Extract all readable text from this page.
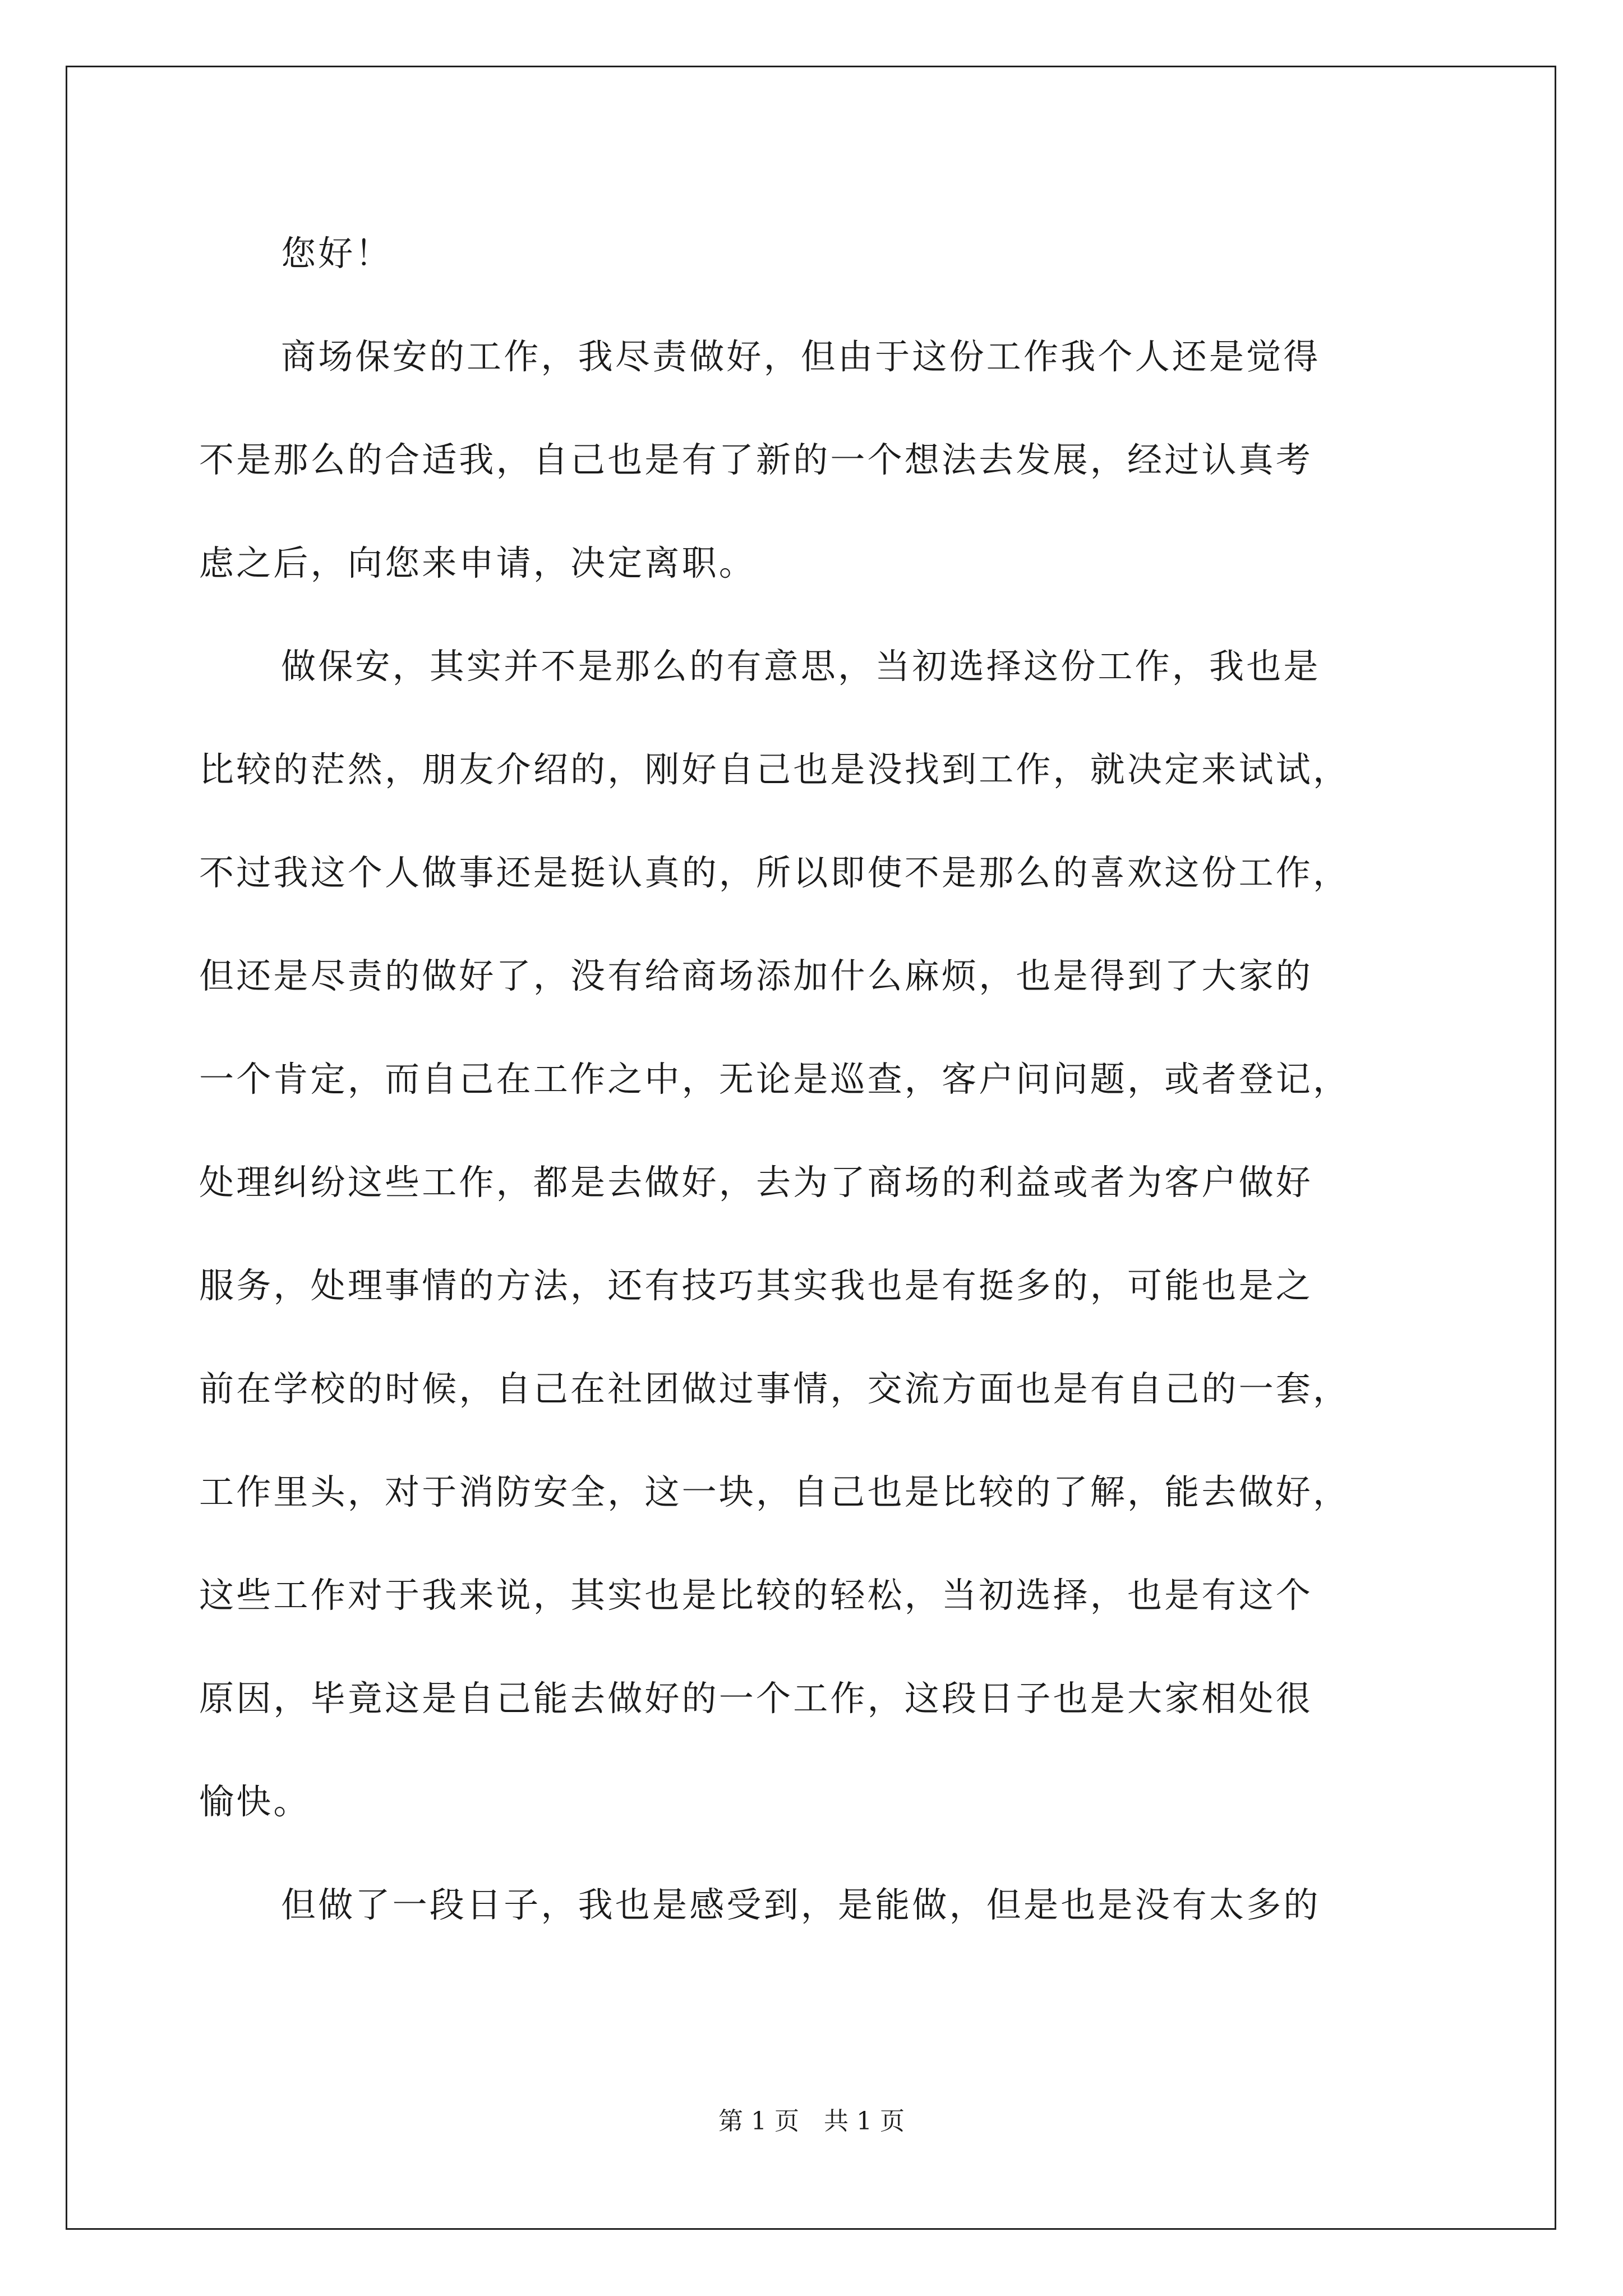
您好！
商场保安的工作，我尽责做好，但由于这份工作我个人还是觉得
不是那么的合适我，自己也是有了新的一个想法去发展，经过认真考
虑之后，向您来申请，决定离职。
做保安，其实并不是那么的有意思，当初选择这份工作，我也是
比较的茫然，朋友介绍的，刚好自己也是没找到工作，就决定来试试，
不过我这个人做事还是挺认真的，所以即使不是那么的喜欢这份工作，
但还是尽责的做好了，没有给商场添加什么麻烦，也是得到了大家的
一个肯定，而自己在工作之中，无论是巡查，客户问问题，或者登记，
处理纠纷这些工作，都是去做好，去为了商场的利益或者为客户做好
服务，处理事情的方法，还有技巧其实我也是有挺多的，可能也是之
前在学校的时候，自己在社团做过事情，交流方面也是有自己的一套，
工作里头，对于消防安全，这一块，自己也是比较的了解，能去做好，
这些工作对于我来说，其实也是比较的轻松，当初选择，也是有这个
原因，毕竟这是自己能去做好的一个工作，这段日子也是大家相处很
愉快。
但做了一段日子，我也是感受到，是能做，但是也是没有太多的
第 1 页　共 1 页
